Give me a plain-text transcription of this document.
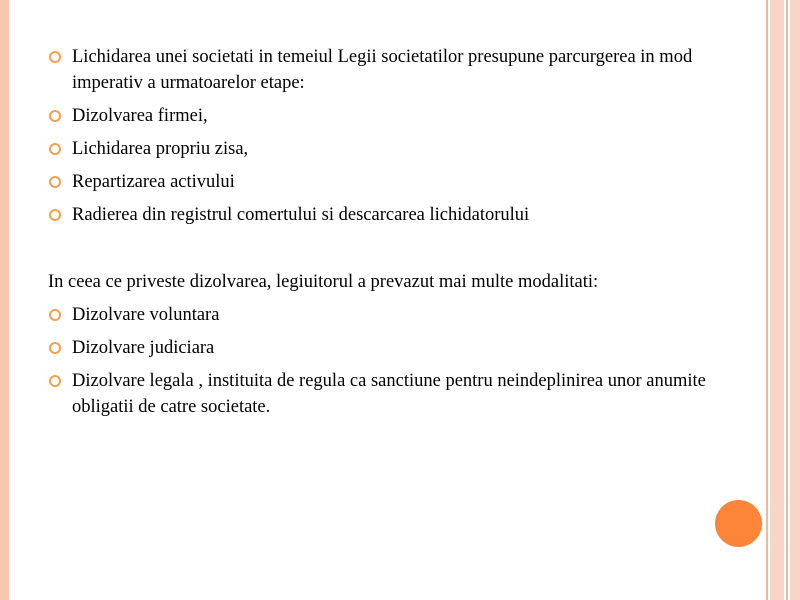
Lichidarea unei societati in temeiul Legii societatilor presupune parcurgerea in mod imperativ a urmatoarelor etape:
Dizolvarea firmei,
Lichidarea propriu zisa,
Repartizarea activului
Radierea din registrul comertului si descarcarea lichidatorului
In ceea ce priveste dizolvarea, legiuitorul a prevazut mai multe modalitati:
Dizolvare voluntara
Dizolvare judiciara
Dizolvare legala , instituita de regula ca sanctiune pentru neindeplinirea unor anumite obligatii de catre societate.
